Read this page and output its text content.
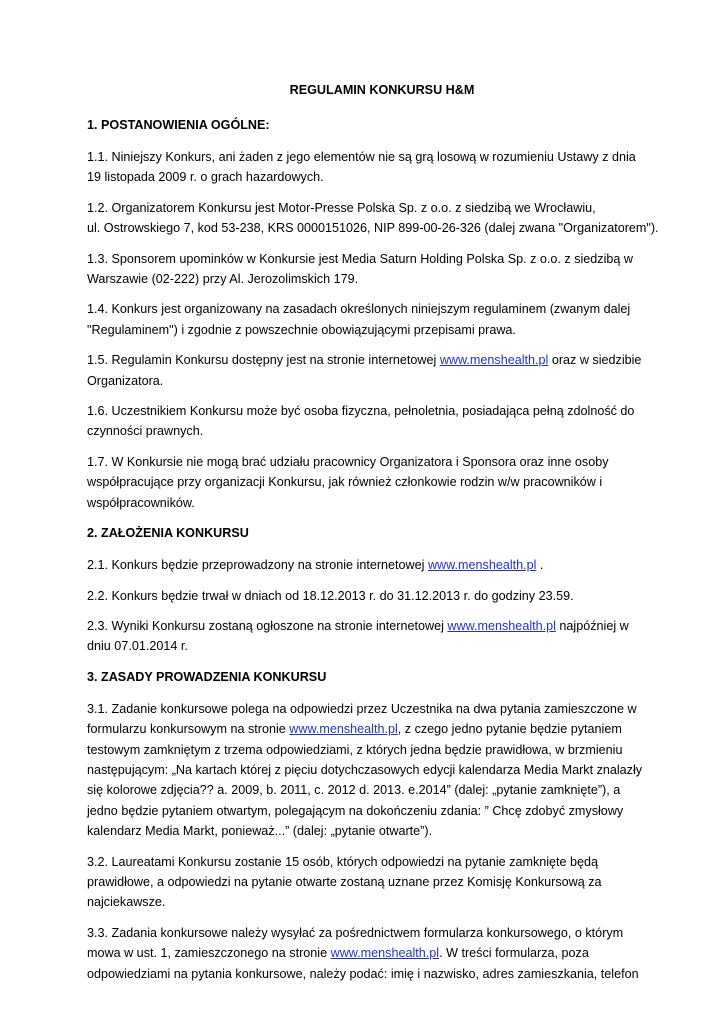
REGULAMIN KONKURSU H&M
1. POSTANOWIENIA OGÓLNE:

1.1. Niniejszy Konkurs, ani żaden z jego elementów nie są grą losową w rozumieniu Ustawy z dnia
19 listopada 2009 r. o grach hazardowych.

1.2. Organizatorem Konkursu jest Motor-Presse Polska Sp. z o.o. z siedzibą we Wrocławiu,
ul. Ostrowskiego 7, kod 53-238, KRS 0000151026, NIP 899-00-26-326 (dalej zwana "Organizatorem").

1.3. Sponsorem upominków w Konkursie jest Media Saturn Holding Polska Sp. z o.o. z siedzibą w
Warszawie (02-222) przy Al. Jerozolimskich 179.

1.4. Konkurs jest organizowany na zasadach określonych niniejszym regulaminem (zwanym dalej
"Regulaminem") i zgodnie z powszechnie obowiązującymi przepisami prawa.

1.5. Regulamin Konkursu dostępny jest na stronie internetowej www.menshealth.pl oraz w siedzibie
Organizatora.

1.6. Uczestnikiem Konkursu może być osoba fizyczna, pełnoletnia, posiadająca pełną zdolność do
czynności prawnych.

1.7. W Konkursie nie mogą brać udziału pracownicy Organizatora i Sponsora oraz inne osoby
współpracujące przy organizacji Konkursu, jak również członkowie rodzin w/w pracowników i
współpracowników.

2. ZAŁOŻENIA KONKURSU

2.1. Konkurs będzie przeprowadzony na stronie internetowej www.menshealth.pl .

2.2. Konkurs będzie trwał w dniach od 18.12.2013 r. do 31.12.2013 r. do godziny 23.59.

2.3. Wyniki Konkursu zostaną ogłoszone na stronie internetowej www.menshealth.pl najpóźniej w
dniu 07.01.2014 r.

3. ZASADY PROWADZENIA KONKURSU

3.1. Zadanie konkursowe polega na odpowiedzi przez Uczestnika na dwa pytania zamieszczone w
formularzu konkursowym na stronie www.menshealth.pl, z czego jedno pytanie będzie pytaniem
testowym zamkniętym z trzema odpowiedziami, z których jedna będzie prawidłowa, w brzmieniu
następującym: „Na kartach której z pięciu dotychczasowych edycji kalendarza Media Markt znalazły
się kolorowe zdjęcia?? a. 2009, b. 2011, c. 2012 d. 2013. e.2014” (dalej: „pytanie zamknięte”), a
jedno będzie pytaniem otwartym, polegającym na dokończeniu zdania: ” Chcę zdobyć zmysłowy
kalendarz Media Markt, ponieważ...” (dalej: „pytanie otwarte”).

3.2. Laureatami Konkursu zostanie 15 osób, których odpowiedzi na pytanie zamknięte będą
prawidłowe, a odpowiedzi na pytanie otwarte zostaną uznane przez Komisję Konkursową za
najciekawsze.

3.3. Zadania konkursowe należy wysyłać za pośrednictwem formularza konkursowego, o którym
mowa w ust. 1, zamieszczonego na stronie www.menshealth.pl. W treści formularza, poza
odpowiedziami na pytania konkursowe, należy podać: imię i nazwisko, adres zamieszkania, telefon
